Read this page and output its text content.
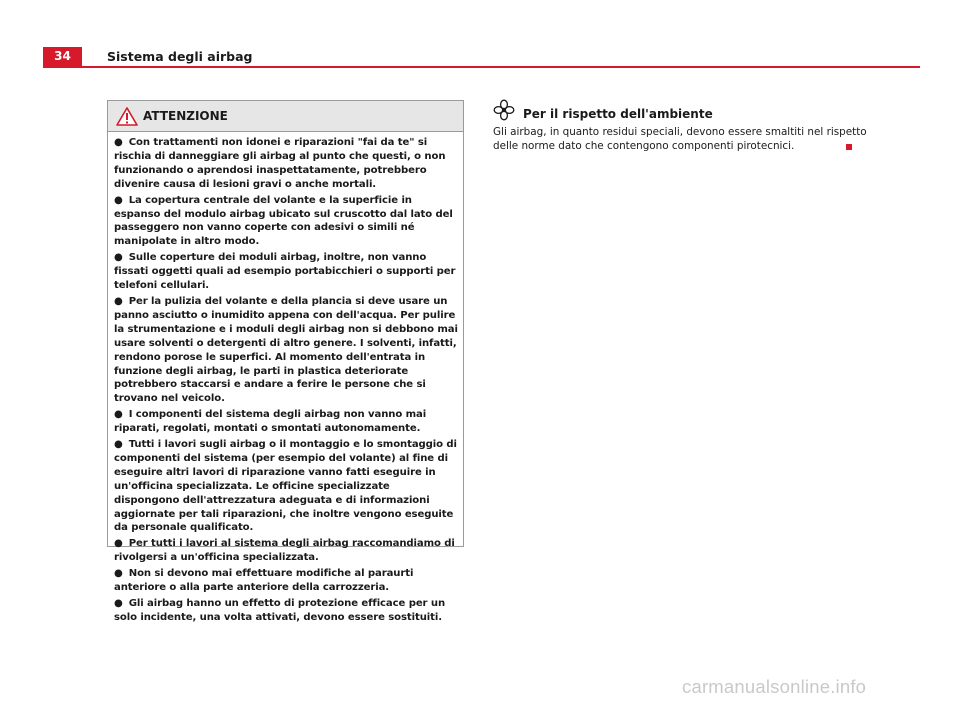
34	Sistema degli airbag
ATTENZIONE

● Con trattamenti non idonei e riparazioni "fai da te" si rischia di danneggiare gli airbag al punto che questi, o non funzionando o aprendosi inaspettatamente, potrebbero divenire causa di lesioni gravi o anche mortali.

● La copertura centrale del volante e la superficie in espanso del modulo airbag ubicato sul cruscotto dal lato del passeggero non vanno coperte con adesivi o simili né manipolate in altro modo.

● Sulle coperture dei moduli airbag, inoltre, non vanno fissati oggetti quali ad esempio portabicchieri o supporti per telefoni cellulari.

● Per la pulizia del volante e della plancia si deve usare un panno asciutto o inumidito appena con dell'acqua. Per pulire la strumentazione e i moduli degli airbag non si debbono mai usare solventi o detergenti di altro genere. I solventi, infatti, rendono porose le superfici. Al momento dell'entrata in funzione degli airbag, le parti in plastica deteriorate potrebbero staccarsi e andare a ferire le persone che si trovano nel veicolo.

● I componenti del sistema degli airbag non vanno mai riparati, regolati, montati o smontati autonomamente.

● Tutti i lavori sugli airbag o il montaggio e lo smontaggio di componenti del sistema (per esempio del volante) al fine di eseguire altri lavori di riparazione vanno fatti eseguire in un'officina specializzata. Le officine specializzate dispongono dell'attrezzatura adeguata e di informazioni aggiornate per tali riparazioni, che inoltre vengono eseguite da personale qualificato.

● Per tutti i lavori al sistema degli airbag raccomandiamo di rivolgersi a un'officina specializzata.

● Non si devono mai effettuare modifiche al paraurti anteriore o alla parte anteriore della carrozzeria.

● Gli airbag hanno un effetto di protezione efficace per un solo incidente, una volta attivati, devono essere sostituiti.

Per il rispetto dell'ambiente

Gli airbag, in quanto residui speciali, devono essere smaltiti nel rispetto delle norme dato che contengono componenti pirotecnici.

carmanualsonline.info
